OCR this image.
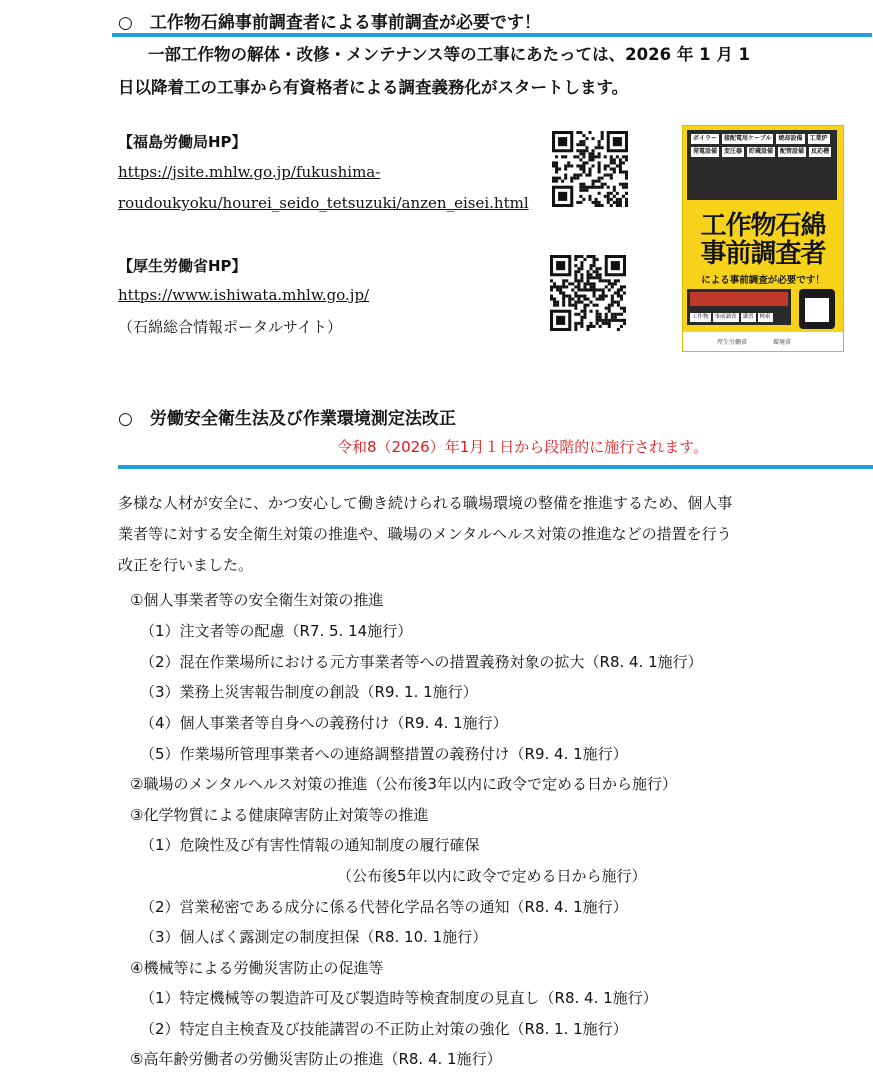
○　工作物石綿事前調査者による事前調査が必要です！
一部工作物の解体・改修・メンテナンス等の工事にあたっては、2026 年 1 月 1
日以降着工の工事から有資格者による調査義務化がスタートします。
【福島労働局HP】
https://jsite.mhlw.go.jp/fukushima-
roudoukyoku/hourei_seido_tetsuzuki/anzen_eisei.html
【厚生労働省HP】
https://www.ishiwata.mhlw.go.jp/
（石綿総合情報ポータルサイト）
ボイラー	接配電用ケーブル	焼却設備	工業炉
発電設備	変圧器	貯蔵設備	配管設備	反応槽
工作物石綿
事前調査者
による事前調査が必要です！
工作物	事前調査	講習	検索
厚生労働省	環境省
○　労働安全衛生法及び作業環境測定法改正
令和8（2026）年1月１日から段階的に施行されます。
多様な人材が安全に、かつ安心して働き続けられる職場環境の整備を推進するため、個人事
業者等に対する安全衛生対策の推進や、職場のメンタルヘルス対策の推進などの措置を行う
改正を行いました。
①個人事業者等の安全衛生対策の推進
（1）注文者等の配慮（R7. 5. 14施行）
（2）混在作業場所における元方事業者等への措置義務対象の拡大（R8. 4. 1施行）
（3）業務上災害報告制度の創設（R9. 1. 1施行）
（4）個人事業者等自身への義務付け（R9. 4. 1施行）
（5）作業場所管理事業者への連絡調整措置の義務付け（R9. 4. 1施行）
②職場のメンタルヘルス対策の推進（公布後3年以内に政令で定める日から施行）
③化学物質による健康障害防止対策等の推進
（1）危険性及び有害性情報の通知制度の履行確保
（公布後5年以内に政令で定める日から施行）
（2）営業秘密である成分に係る代替化学品名等の通知（R8. 4. 1施行）
（3）個人ばく露測定の制度担保（R8. 10. 1施行）
④機械等による労働災害防止の促進等
（1）特定機械等の製造許可及び製造時等検査制度の見直し（R8. 4. 1施行）
（2）特定自主検査及び技能講習の不正防止対策の強化（R8. 1. 1施行）
⑤高年齢労働者の労働災害防止の推進（R8. 4. 1施行）
